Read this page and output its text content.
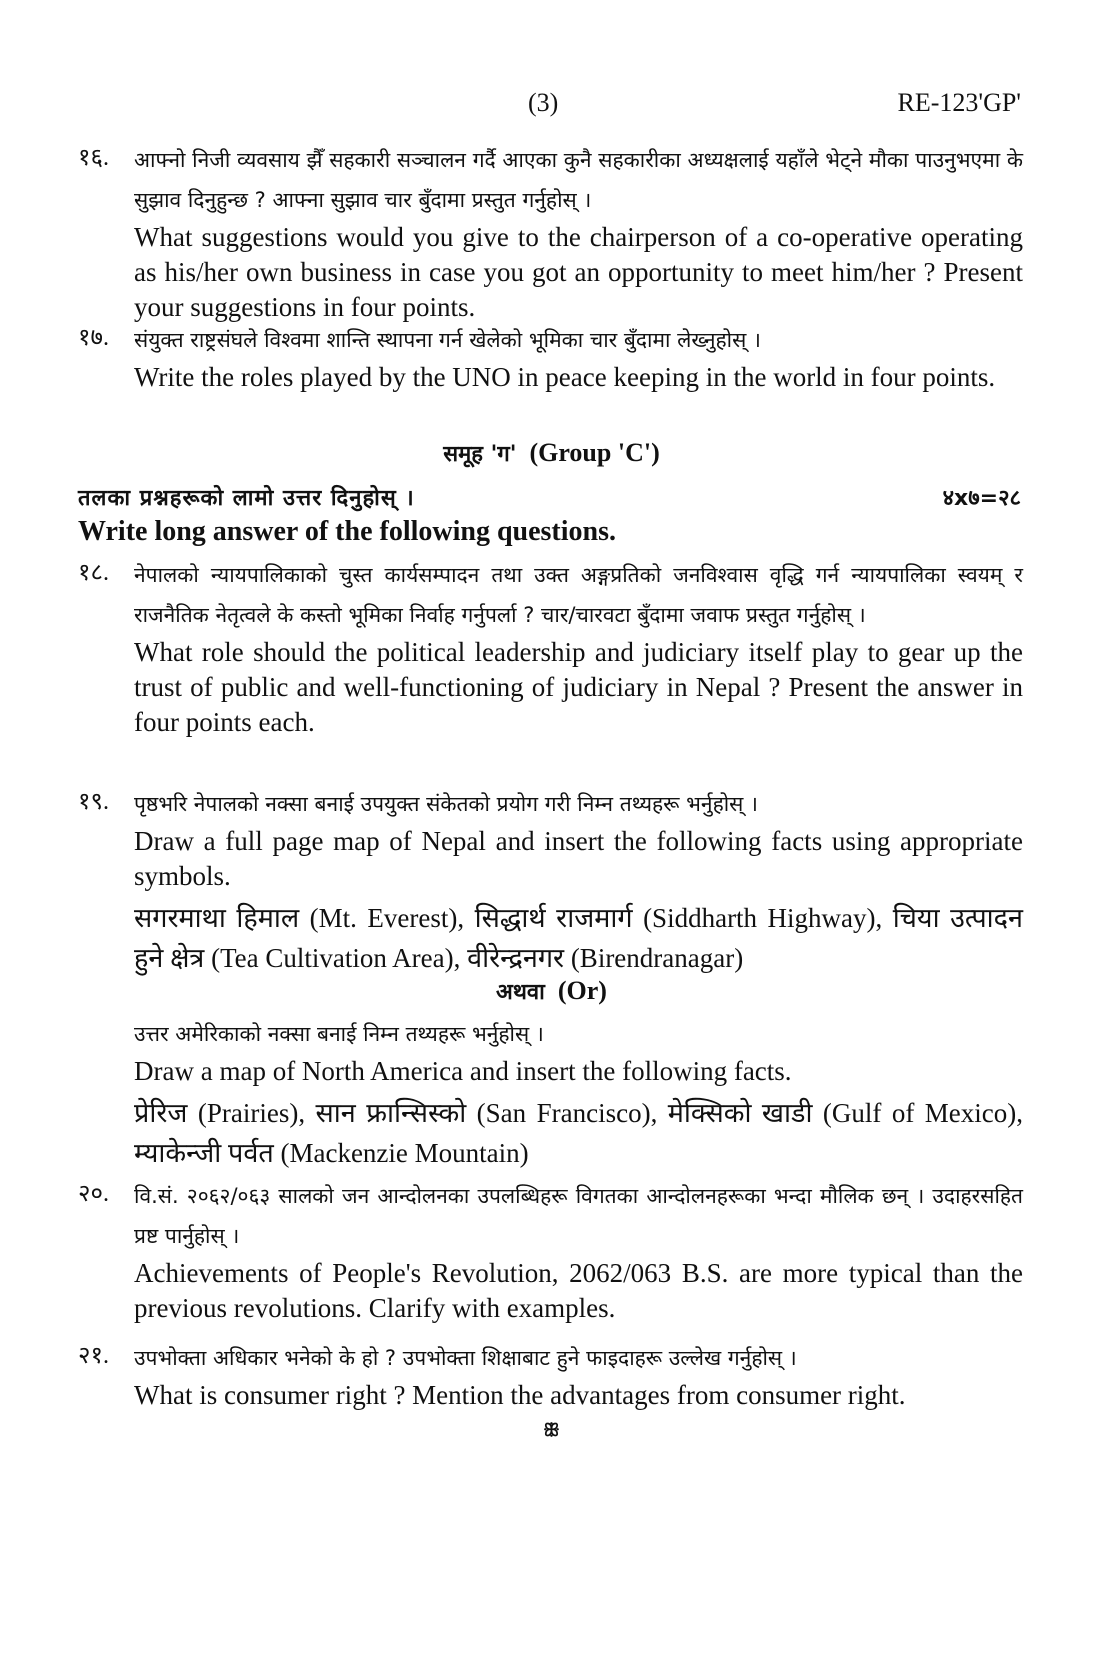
(3)	RE-123'GP'
१६. आफ्नो निजी व्यवसाय झैँ सहकारी सञ्चालन गर्दै आएका कुनै सहकारीका अध्यक्षलाई यहाँले भेट्ने मौका पाउनुभएमा के सुझाव दिनुहुन्छ ? आफ्ना सुझाव चार बुँदामा प्रस्तुत गर्नुहोस् ।
What suggestions would you give to the chairperson of a co-operative operating as his/her own business in case you got an opportunity to meet him/her ? Present your suggestions in four points.
१७. संयुक्त राष्ट्रसंघले विश्वमा शान्ति स्थापना गर्न खेलेको भूमिका चार बुँदामा लेख्नुहोस् ।
Write the roles played by the UNO in peace keeping in the world in four points.
समूह 'ग' (Group 'C')
तलका प्रश्नहरूको लामो उत्तर दिनुहोस् ।	४x७=२८
Write long answer of the following questions.
१८. नेपालको न्यायपालिकाको चुस्त कार्यसम्पादन तथा उक्त अङ्गप्रतिको जनविश्वास वृद्धि गर्न न्यायपालिका स्वयम् र राजनैतिक नेतृत्वले के कस्तो भूमिका निर्वाह गर्नुपर्ला ? चार/चारवटा बुँदामा जवाफ प्रस्तुत गर्नुहोस् ।
What role should the political leadership and judiciary itself play to gear up the trust of public and well-functioning of judiciary in Nepal ? Present the answer in four points each.
१९. पृष्ठभरि नेपालको नक्सा बनाई उपयुक्त संकेतको प्रयोग गरी निम्न तथ्यहरू भर्नुहोस् ।
Draw a full page map of Nepal and insert the following facts using appropriate symbols.
सगरमाथा हिमाल (Mt. Everest), सिद्धार्थ राजमार्ग (Siddharth Highway), चिया उत्पादन हुने क्षेत्र (Tea Cultivation Area), वीरेन्द्रनगर (Birendranagar)
अथवा (Or)
उत्तर अमेरिकाको नक्सा बनाई निम्न तथ्यहरू भर्नुहोस् ।
Draw a map of North America and insert the following facts.
प्रेरिज (Prairies), सान फ्रान्सिस्को (San Francisco), मेक्सिको खाडी (Gulf of Mexico), म्याकेन्जी पर्वत (Mackenzie Mountain)
२०. वि.सं. २०६२/०६३ सालको जन आन्दोलनका उपलब्धिहरू विगतका आन्दोलनहरूका भन्दा मौलिक छन् । उदाहरसहित प्रष्ट पार्नुहोस् ।
Achievements of People's Revolution, 2062/063 B.S. are more typical than the previous revolutions. Clarify with examples.
२१. उपभोक्ता अधिकार भनेको के हो ? उपभोक्ता शिक्षाबाट हुने फाइदाहरू उल्लेख गर्नुहोस् ।
What is consumer right ? Mention the advantages from consumer right.
ꕥ
